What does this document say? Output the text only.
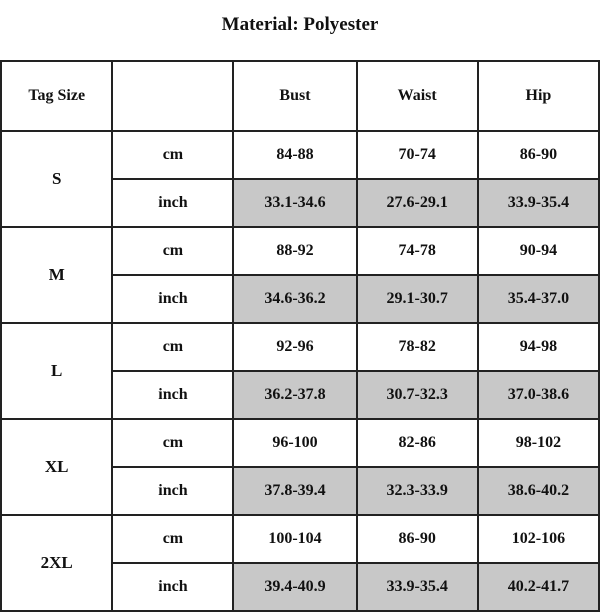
Material: Polyester
Tag Size		Bust	Waist	Hip
S	cm	84-88	70-74	86-90
	inch	33.1-34.6	27.6-29.1	33.9-35.4
M	cm	88-92	74-78	90-94
	inch	34.6-36.2	29.1-30.7	35.4-37.0
L	cm	92-96	78-82	94-98
	inch	36.2-37.8	30.7-32.3	37.0-38.6
XL	cm	96-100	82-86	98-102
	inch	37.8-39.4	32.3-33.9	38.6-40.2
2XL	cm	100-104	86-90	102-106
	inch	39.4-40.9	33.9-35.4	40.2-41.7
